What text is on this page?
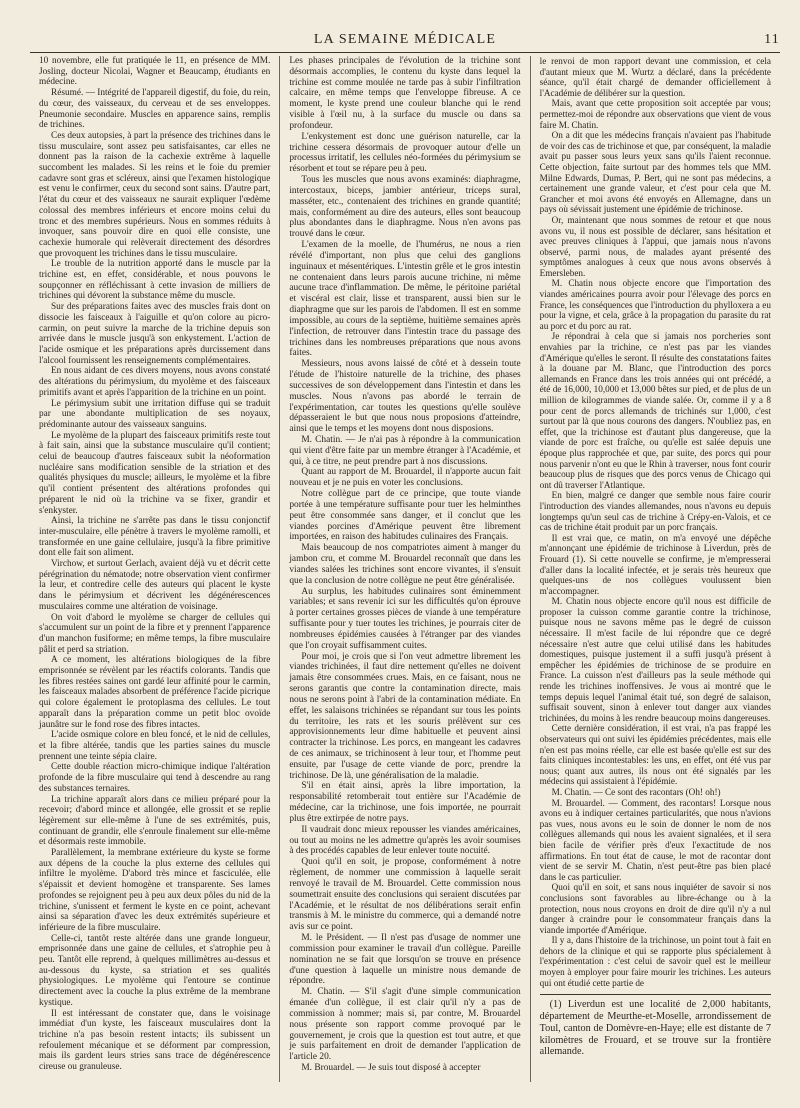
LA SEMAINE MÉDICALE	11

10 novembre, elle fut pratiquée le 11, en présence de MM. Josling, docteur Nicolai, Wagner et Beaucamp, étudiants en médecine.

Résumé. — Intégrité de l'appareil digestif, du foie, du rein, du cœur, des vaisseaux, du cerveau et de ses enveloppes. Pneumonie secondaire. Muscles en apparence sains, remplis de trichines.

Ces deux autopsies, à part la présence des trichines dans le tissu musculaire, sont assez peu satisfaisantes, car elles ne donnent pas la raison de la cachexie extrême à laquelle succombent les malades. Si les reins et le foie du premier cadavre sont gras et scléreux, ainsi que l'examen histologique est venu le confirmer, ceux du second sont sains. D'autre part, l'état du cœur et des vaisseaux ne saurait expliquer l'œdème colossal des membres inférieurs et encore moins celui du tronc et des membres supérieurs. Nous en sommes réduits à invoquer, sans pouvoir dire en quoi elle consiste, une cachexie humorale qui relèverait directement des désordres que provoquent les trichines dans le tissu musculaire.

Le trouble de la nutrition apporté dans le muscle par la trichine est, en effet, considérable, et nous pouvons le soupçonner en réfléchissant à cette invasion de milliers de trichines qui dévorent la substance même du muscle.

Sur des préparations faites avec des muscles frais dont on dissocie les faisceaux à l'aiguille et qu'on colore au picro-carmin, on peut suivre la marche de la trichine depuis son arrivée dans le muscle jusqu'à son enkystement. L'action de l'acide osmique et les préparations après durcissement dans l'alcool fournissent les renseignements complémentaires.

En nous aidant de ces divers moyens, nous avons constaté des altérations du périmysium, du myolème et des faisceaux primitifs avant et après l'apparition de la trichine en un point.

Le périmysium subit une irritation diffuse qui se traduit par une abondante multiplication de ses noyaux, prédominante autour des vaisseaux sanguins.

Le myolème de la plupart des faisceaux primitifs reste tout à fait sain, ainsi que la substance musculaire qu'il contient; celui de beaucoup d'autres faisceaux subit la néoformation nucléaire sans modification sensible de la striation et des qualités physiques du muscle; ailleurs, le myolème et la fibre qu'il contient présentent des altérations profondes qui préparent le nid où la trichine va se fixer, grandir et s'enkyster.

Ainsi, la trichine ne s'arrête pas dans le tissu conjonctif inter-musculaire, elle pénètre à travers le myolème ramolli, et transformée en une gaine cellulaire, jusqu'à la fibre primitive dont elle fait son aliment.

Virchow, et surtout Gerlach, avaient déjà vu et décrit cette pérégrination du nématode; notre observation vient confirmer la leur, et contredire celle des auteurs qui placent le kyste dans le périmysium et décrivent les dégénérescences musculaires comme une altération de voisinage.

On voit d'abord le myolème se charger de cellules qui s'accumulent sur un point de la fibre et y prennent l'apparence d'un manchon fusiforme; en même temps, la fibre musculaire pâlit et perd sa striation.

A ce moment, les altérations biologiques de la fibre emprisonnée se révèlent par les réactifs colorants. Tandis que les fibres restées saines ont gardé leur affinité pour le carmin, les faisceaux malades absorbent de préférence l'acide picrique qui colore également le protoplasma des cellules. Le tout apparaît dans la préparation comme un petit bloc ovoïde jaunâtre sur le fond rose des fibres intactes.

L'acide osmique colore en bleu foncé, et le nid de cellules, et la fibre altérée, tandis que les parties saines du muscle prennent une teinte sépia claire.

Cette double réaction micro-chimique indique l'altération profonde de la fibre musculaire qui tend à descendre au rang des substances ternaires.

La trichine apparaît alors dans ce milieu préparé pour la recevoir; d'abord mince et allongée, elle grossit et se replie légèrement sur elle-même à l'une de ses extrémités, puis, continuant de grandir, elle s'enroule finalement sur elle-même et désormais reste immobile.

Parallèlement, la membrane extérieure du kyste se forme aux dépens de la couche la plus externe des cellules qui infiltre le myolème. D'abord très mince et fasciculée, elle s'épaissit et devient homogène et transparente. Ses lames profondes se rejoignent peu à peu aux deux pôles du nid de la trichine, s'unissent et ferment le kyste en ce point, achevant ainsi sa séparation d'avec les deux extrémités supérieure et inférieure de la fibre musculaire.

Celle-ci, tantôt reste altérée dans une grande longueur, emprisonnée dans une gaine de cellules, et s'atrophie peu à peu. Tantôt elle reprend, à quelques millimètres au-dessus et au-dessous du kyste, sa striation et ses qualités physiologiques. Le myolème qui l'entoure se continue directement avec la couche la plus extrême de la membrane kystique.

Il est intéressant de constater que, dans le voisinage immédiat d'un kyste, les faisceaux musculaires dont la trichine n'a pas besoin restent intacts; ils subissent un refoulement mécanique et se déforment par compression, mais ils gardent leurs stries sans trace de dégénérescence cireuse ou granuleuse.

Les phases principales de l'évolution de la trichine sont désormais accomplies, le contenu du kyste dans lequel la trichine est comme moulée ne tarde pas à subir l'infiltration calcaire, en même temps que l'enveloppe fibreuse. A ce moment, le kyste prend une couleur blanche qui le rend visible à l'œil nu, à la surface du muscle ou dans sa profondeur.

L'enkystement est donc une guérison naturelle, car la trichine cessera désormais de provoquer autour d'elle un processus irritatif, les cellules néo-formées du périmysium se résorbent et tout se répare peu à peu.

Tous les muscles que nous avons examinés: diaphragme, intercostaux, biceps, jambier antérieur, triceps sural, masséter, etc., contenaient des trichines en grande quantité; mais, conformément au dire des auteurs, elles sont beaucoup plus abondantes dans le diaphragme. Nous n'en avons pas trouvé dans le cœur.

L'examen de la moelle, de l'humérus, ne nous a rien révélé d'important, non plus que celui des ganglions inguinaux et mésentériques. L'intestin grêle et le gros intestin ne contenaient dans leurs parois aucune trichine, ni même aucune trace d'inflammation. De même, le péritoine pariétal et viscéral est clair, lisse et transparent, aussi bien sur le diaphragme que sur les parois de l'abdomen. Il est en somme impossible, au cours de la septième, huitième semaines après l'infection, de retrouver dans l'intestin trace du passage des trichines dans les nombreuses préparations que nous avons faites.

Messieurs, nous avons laissé de côté et à dessein toute l'étude de l'histoire naturelle de la trichine, des phases successives de son développement dans l'intestin et dans les muscles. Nous n'avons pas abordé le terrain de l'expérimentation, car toutes les questions qu'elle soulève dépasseraient le but que nous nous proposions d'atteindre, ainsi que le temps et les moyens dont nous disposions.

M. Chatin. — Je n'ai pas à répondre à la communication qui vient d'être faite par un membre étranger à l'Académie, et qui, à ce titre, ne peut prendre part à nos discussions.

Quant au rapport de M. Brouardel, il n'apporte aucun fait nouveau et je ne puis en voter les conclusions.

Notre collègue part de ce principe, que toute viande portée à une température suffisante pour tuer les helminthes peut être consommée sans danger, et il conclut que les viandes porcines d'Amérique peuvent être librement importées, en raison des habitudes culinaires des Français.

Mais beaucoup de nos compatriotes aiment à manger du jambon cru, et comme M. Brouardel reconnaît que dans les viandes salées les trichines sont encore vivantes, il s'ensuit que la conclusion de notre collègue ne peut être généralisée.

Au surplus, les habitudes culinaires sont éminemment variables; et sans revenir ici sur les difficultés qu'on éprouve à porter certaines grosses pièces de viande à une température suffisante pour y tuer toutes les trichines, je pourrais citer de nombreuses épidémies causées à l'étranger par des viandes que l'on croyait suffisamment cuites.

Pour moi, je crois que si l'on veut admettre librement les viandes trichinées, il faut dire nettement qu'elles ne doivent jamais être consommées crues. Mais, en ce faisant, nous ne serons garantis que contre la contamination directe, mais nous ne serons point à l'abri de la contamination médiate. En effet, les salaisons trichinées se répandant sur tous les points du territoire, les rats et les souris prélèvent sur ces approvisionnements leur dîme habituelle et peuvent ainsi contracter la trichinose. Les porcs, en mangeant les cadavres de ces animaux, se trichinosent à leur tour, et l'homme peut ensuite, par l'usage de cette viande de porc, prendre la trichinose. De là, une généralisation de la maladie.

S'il en était ainsi, après la libre importation, la responsabilité retomberait tout entière sur l'Académie de médecine, car la trichinose, une fois importée, ne pourrait plus être extirpée de notre pays.

Il vaudrait donc mieux repousser les viandes américaines, ou tout au moins ne les admettre qu'après les avoir soumises à des procédés capables de leur enlever toute nocuité.

Quoi qu'il en soit, je propose, conformément à notre règlement, de nommer une commission à laquelle serait renvoyé le travail de M. Brouardel. Cette commission nous soumettrait ensuite des conclusions qui seraient discutées par l'Académie, et le résultat de nos délibérations serait enfin transmis à M. le ministre du commerce, qui a demandé notre avis sur ce point.

M. le Président. — Il n'est pas d'usage de nommer une commission pour examiner le travail d'un collègue. Pareille nomination ne se fait que lorsqu'on se trouve en présence d'une question à laquelle un ministre nous demande de répondre.

M. Chatin. — S'il s'agit d'une simple communication émanée d'un collègue, il est clair qu'il n'y a pas de commission à nommer; mais si, par contre, M. Brouardel nous présente son rapport comme provoqué par le gouvernement, je crois que la question est tout autre, et que je suis parfaitement en droit de demander l'application de l'article 20.

M. Brouardel. — Je suis tout disposé à accepter

le renvoi de mon rapport devant une commission, et cela d'autant mieux que M. Wurtz a déclaré, dans la précédente séance, qu'il était chargé de demander officiellement à l'Académie de délibérer sur la question.

Mais, avant que cette proposition soit acceptée par vous; permettez-moi de répondre aux observations que vient de vous faire M. Chatin.

On a dit que les médecins français n'avaient pas l'habitude de voir des cas de trichinose et que, par conséquent, la maladie avait pu passer sous leurs yeux sans qu'ils l'aient reconnue. Cette objection, faite surtout par des hommes tels que MM. Milne Edwards, Dumas, P. Bert, qui ne sont pas médecins, a certainement une grande valeur, et c'est pour cela que M. Grancher et moi avons été envoyés en Allemagne, dans un pays où sévissait justement une épidémie de trichinose.

Or, maintenant que nous sommes de retour et que nous avons vu, il nous est possible de déclarer, sans hésitation et avec preuves cliniques à l'appui, que jamais nous n'avons observé, parmi nous, de malades ayant présenté des symptômes analogues à ceux que nous avons observés à Emersleben.

M. Chatin nous objecte encore que l'importation des viandes américaines pourra avoir pour l'élevage des porcs en France, les conséquences que l'introduction du phylloxera a eu pour la vigne, et cela, grâce à la propagation du parasite du rat au porc et du porc au rat.

Je répondrai à cela que si jamais nos porcheries sont envahies par la trichine, ce n'est pas par les viandes d'Amérique qu'elles le seront. Il résulte des constatations faites à la douane par M. Blanc, que l'introduction des porcs allemands en France dans les trois années qui ont précédé, a été de 16,000, 10,000 et 13,000 bêtes sur pied, et de plus de un million de kilogrammes de viande salée. Or, comme il y a 8 pour cent de porcs allemands de trichinés sur 1,000, c'est surtout par là que nous courons des dangers. N'oubliez pas, en effet, que la trichinose est d'autant plus dangereuse, que la viande de porc est fraîche, ou qu'elle est salée depuis une époque plus rapprochée et que, par suite, des porcs qui pour nous parvenir n'ont eu que le Rhin à traverser, nous font courir beaucoup plus de risques que des porcs venus de Chicago qui ont dû traverser l'Atlantique.

En bien, malgré ce danger que semble nous faire courir l'introduction des viandes allemandes, nous n'avons eu depuis longtemps qu'un seul cas de trichine à Crépy-en-Valois, et ce cas de trichine était produit par un porc français.

Il est vrai que, ce matin, on m'a envoyé une dépêche m'annonçant une épidémie de trichinose à Liverdun, près de Frouard (1). Si cette nouvelle se confirme, je m'empresserai d'aller dans la localité infectée, et je serais très heureux que quelques-uns de nos collègues voulussent bien m'accompagner.

M. Chatin nous objecte encore qu'il nous est difficile de proposer la cuisson comme garantie contre la trichinose, puisque nous ne savons même pas le degré de cuisson nécessaire. Il m'est facile de lui répondre que ce degré nécessaire n'est autre que celui utilisé dans les habitudes domestiques, puisque justement il a suffi jusqu'à présent à empêcher les épidémies de trichinose de se produire en France. La cuisson n'est d'ailleurs pas la seule méthode qui rende les trichines inoffensives. Je vous ai montré que le temps depuis lequel l'animal était tué, son degré de salaison, suffisait souvent, sinon à enlever tout danger aux viandes trichinées, du moins à les rendre beaucoup moins dangereuses.

Cette dernière considération, il est vrai, n'a pas frappé les observateurs qui ont suivi les épidémies précédentes, mais elle n'en est pas moins réelle, car elle est basée qu'elle est sur des faits cliniques incontestables: les uns, en effet, ont été vus par nous; quant aux autres, ils nous ont été signalés par les médecins qui assistaient à l'épidémie.

M. Chatin. — Ce sont des racontars (Oh! oh!)

M. Brouardel. — Comment, des racontars! Lorsque nous avons eu à indiquer certaines particularités, que nous n'avions pas vues, nous avons eu le soin de donner le nom de nos collègues allemands qui nous les avaient signalées, et il sera bien facile de vérifier près d'eux l'exactitude de nos affirmations. En tout état de cause, le mot de racontar dont vient de se servir M. Chatin, n'est peut-être pas bien placé dans le cas particulier.

Quoi qu'il en soit, et sans nous inquiéter de savoir si nos conclusions sont favorables au libre-échange ou à la protection, nous nous croyons en droit de dire qu'il n'y a nul danger à craindre pour le consommateur français dans la viande importée d'Amérique.

Il y a, dans l'histoire de la trichinose, un point tout à fait en dehors de la clinique et qui se rapporte plus spécialement à l'expérimentation : c'est celui de savoir quel est le meilleur moyen à employer pour faire mourir les trichines. Les auteurs qui ont étudié cette partie de

(1) Liverdun est une localité de 2,000 habitants, département de Meurthe-et-Moselle, arrondissement de Toul, canton de Domèvre-en-Haye; elle est distante de 7 kilomètres de Frouard, et se trouve sur la frontière allemande.
